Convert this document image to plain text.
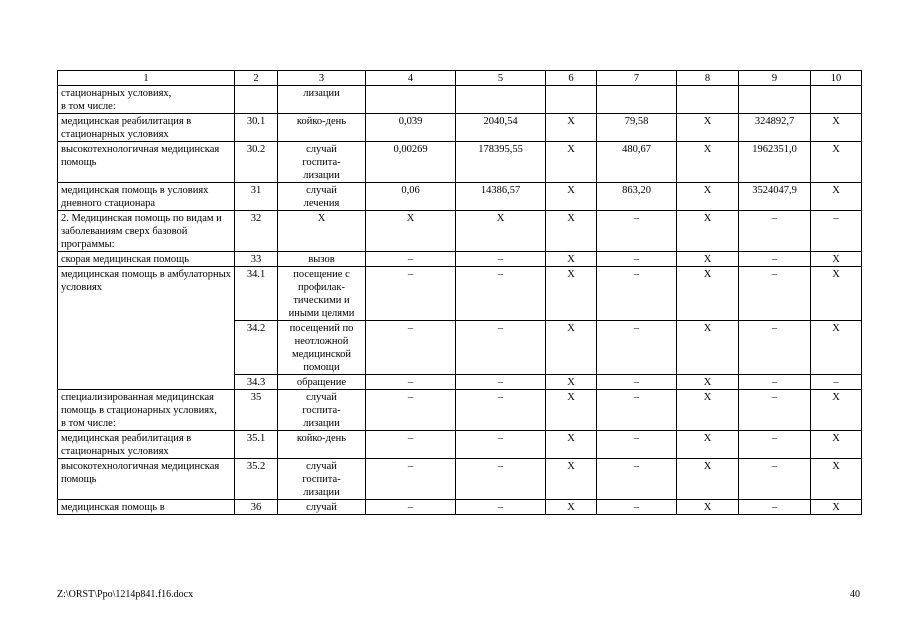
1	2	3	4	5	6	7	8	9	10
стационарных условиях,
в том числе:		лизации							
медицинская реабилитация в стационарных условиях	30.1	койко-день	0,039	2040,54	Х	79,58	Х	324892,7	Х
высокотехнологичная медицинская помощь	30.2	случай
госпита-
лизации	0,00269	178395,55	Х	480,67	Х	1962351,0	Х
медицинская помощь в условиях дневного стационара	31	случай
лечения	0,06	14386,57	Х	863,20	Х	3524047,9	Х
2. Медицинская помощь по видам и заболеваниям сверх базовой программы:	32	Х	Х	Х	Х	–	Х	–	–
скорая медицинская помощь	33	вызов	–	–	Х	–	Х	–	Х
медицинская помощь в амбулаторных условиях	34.1	посещение с
профилак-
тическими и
иными целями	–	–	Х	–	Х	–	Х
	34.2	посещений по
неотложной
медицинской
помощи	–	–	Х	–	Х	–	Х
	34.3	обращение	–	–	Х	–	Х	–	–
специализированная медицинская помощь в стационарных условиях,
в том числе:	35	случай
госпита-
лизации	–	–	Х	–	Х	–	Х
медицинская реабилитация в стационарных условиях	35.1	койко-день	–	–	Х	–	Х	–	Х
высокотехнологичная медицинская помощь	35.2	случай
госпита-
лизации	–	–	Х	–	Х	–	Х
медицинская помощь в	36	случай	–	–	Х	–	Х	–	Х
Z:\ORST\Ppo\1214p841.f16.docx	40
